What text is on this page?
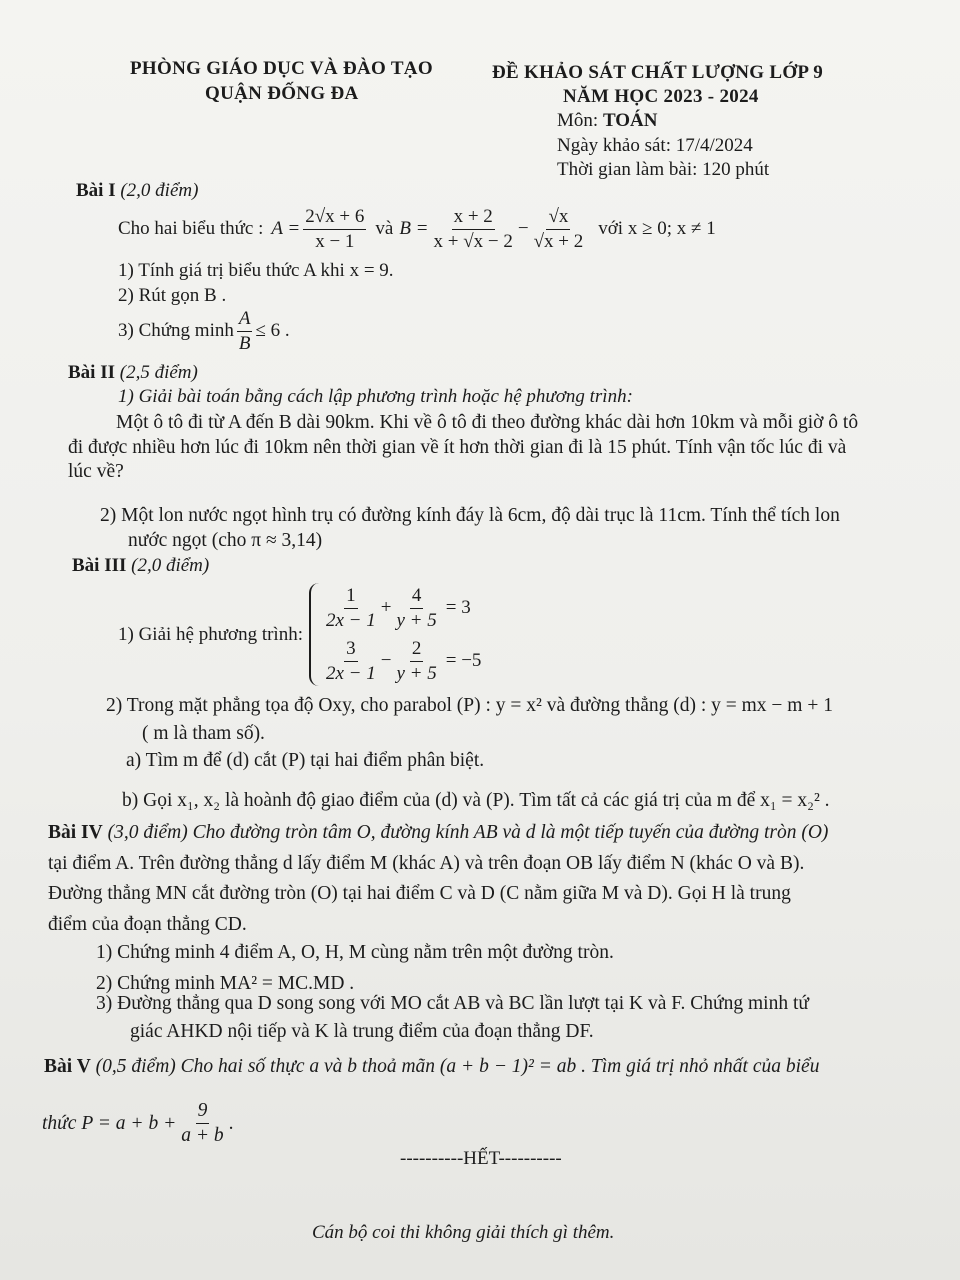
PHÒNG GIÁO DỤC VÀ ĐÀO TẠO
QUẬN ĐỐNG ĐA
ĐỀ KHẢO SÁT CHẤT LƯỢNG LỚP 9
NĂM HỌC 2023 - 2024
Môn: TOÁN
Ngày khảo sát: 17/4/2024
Thời gian làm bài: 120 phút
Bài I (2,0 điểm)
Cho hai biểu thức : $A = \frac{2√x + 6}{x - 1}$ và $B = \frac{x + 2}{x + √x - 2} - \frac{√x}{√x + 2}$ với x ≥ 0; x ≠ 1
1) Tính giá trị biểu thức A khi x = 9.
2) Rút gọn B .
3) Chứng minh $\frac{A}{B} \le 6$ .
Bài II (2,5 điểm)
1) Giải bài toán bằng cách lập phương trình hoặc hệ phương trình:
Một ô tô đi từ A đến B dài 90km. Khi về ô tô đi theo đường khác dài hơn 10km và mỗi giờ ô tô
đi được nhiều hơn lúc đi 10km nên thời gian về ít hơn thời gian đi là 15 phút. Tính vận tốc lúc đi và
lúc về?
2) Một lon nước ngọt hình trụ có đường kính đáy là 6cm, độ dài trục là 11cm. Tính thể tích lon
nước ngọt (cho π ≈ 3,14)
Bài III (2,0 điểm)
1) Giải hệ phương trình:
$\frac{1}{2x - 1} + \frac{4}{y + 5} = 3$
$\frac{3}{2x - 1} - \frac{2}{y + 5} = -5$
2) Trong mặt phẳng tọa độ Oxy, cho parabol (P) : y = x² và đường thẳng (d) : y = mx − m + 1
( m là tham số).
a) Tìm m để (d) cắt (P) tại hai điểm phân biệt.
b) Gọi x₁, x₂ là hoành độ giao điểm của (d) và (P). Tìm tất cả các giá trị của m để x₁ = x₂² .
Bài IV (3,0 điểm) Cho đường tròn tâm O, đường kính AB và d là một tiếp tuyến của đường tròn (O)
tại điểm A. Trên đường thẳng d lấy điểm M (khác A) và trên đoạn OB lấy điểm N (khác O và B).
Đường thẳng MN cắt đường tròn (O) tại hai điểm C và D (C nằm giữa M và D). Gọi H là trung
điểm của đoạn thẳng CD.
1) Chứng minh 4 điểm A, O, H, M cùng nằm trên một đường tròn.
2) Chứng minh MA² = MC.MD .
3) Đường thẳng qua D song song với MO cắt AB và BC lần lượt tại K và F. Chứng minh tứ
giác AHKD nội tiếp và K là trung điểm của đoạn thẳng DF.
Bài V (0,5 điểm) Cho hai số thực a và b thoả mãn (a + b − 1)² = ab . Tìm giá trị nhỏ nhất của biểu
thức $P = a + b + \frac{9}{a + b}$ .
----------HẾT----------
Cán bộ coi thi không giải thích gì thêm.
